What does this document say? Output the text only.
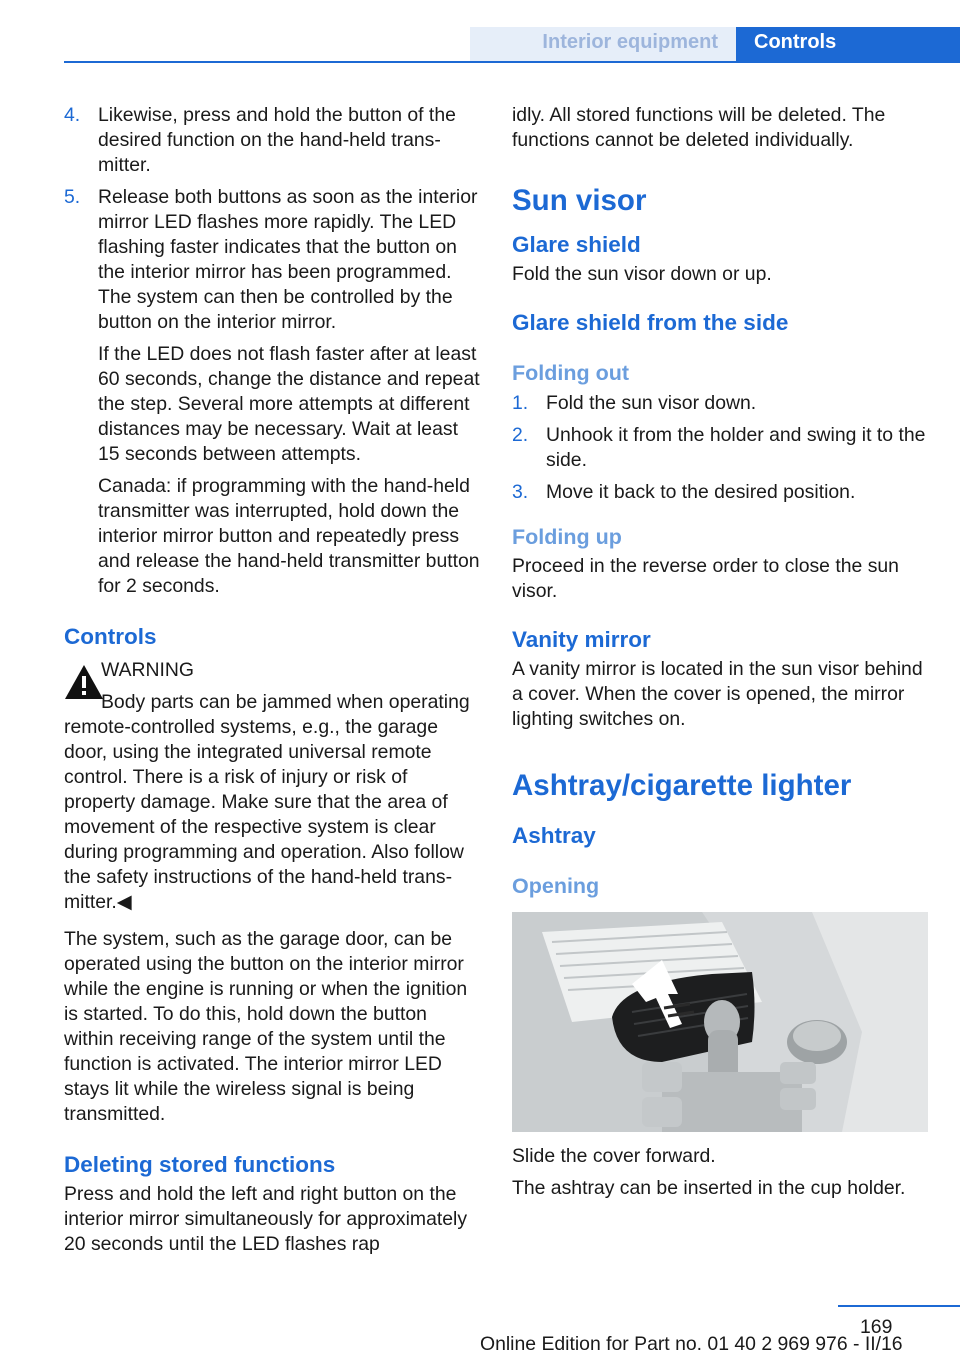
Interior equipment Controls
4. Likewise, press and hold the button of the desired function on the hand-held transmitter.
5. Release both buttons as soon as the interior mirror LED flashes more rapidly. The LED flashing faster indicates that the button on the interior mirror has been programmed. The system can then be controlled by the button on the interior mirror.

If the LED does not flash faster after at least 60 seconds, change the distance and repeat the step. Several more attempts at different distances may be necessary. Wait at least 15 seconds between attempts.

Canada: if programming with the hand-held transmitter was interrupted, hold down the interior mirror button and repeatedly press and release the hand-held transmitter button for 2 seconds.

Controls
WARNING

Body parts can be jammed when operating remote-controlled systems, e.g., the garage door, using the integrated universal remote control. There is a risk of injury or risk of property damage. Make sure that the area of movement of the respective system is clear during programming and operation. Also follow the safety instructions of the hand-held transmitter.◀

The system, such as the garage door, can be operated using the button on the interior mirror while the engine is running or when the ignition is started. To do this, hold down the button within receiving range of the system until the function is activated. The interior mirror LED stays lit while the wireless signal is being transmitted.

Deleting stored functions

Press and hold the left and right button on the interior mirror simultaneously for approximately 20 seconds until the LED flashes rap

idly. All stored functions will be deleted. The functions cannot be deleted individually.

Sun visor
Glare shield

Fold the sun visor down or up.

Glare shield from the side
Folding out
1. Fold the sun visor down.
2. Unhook it from the holder and swing it to the side.
3. Move it back to the desired position.
Folding up

Proceed in the reverse order to close the sun visor.

Vanity mirror

A vanity mirror is located in the sun visor behind a cover. When the cover is opened, the mirror lighting switches on.

Ashtray/cigarette lighter
Ashtray
Opening

Slide the cover forward.

The ashtray can be inserted in the cup holder.

169
Online Edition for Part no. 01 40 2 969 976 - II/16
